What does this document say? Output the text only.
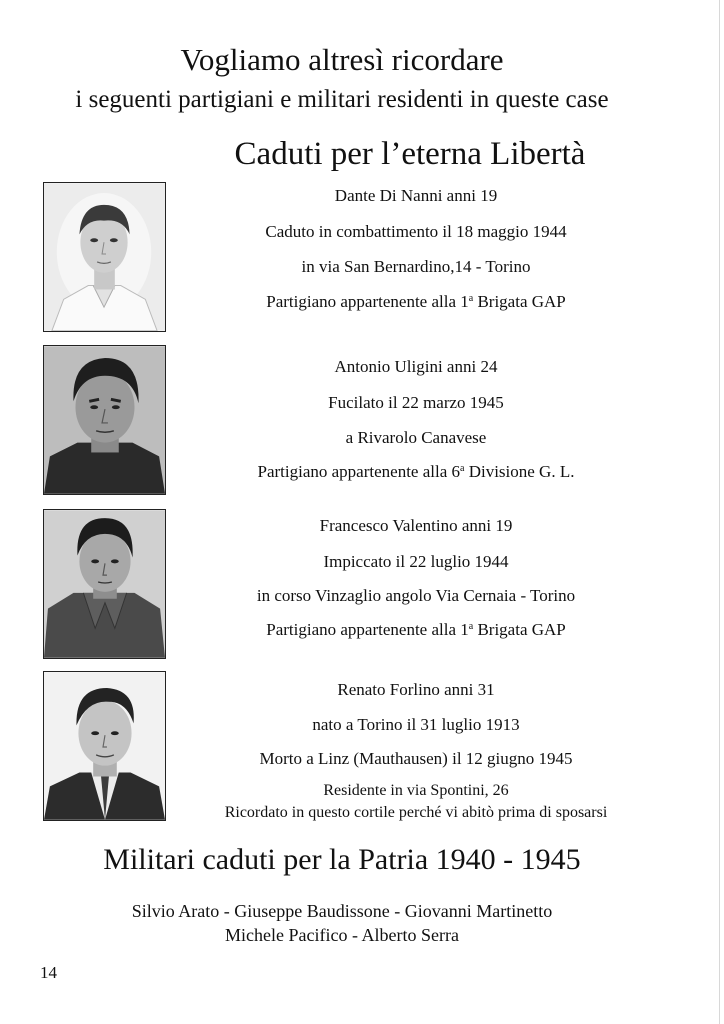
Vogliamo altresì ricordare
i seguenti partigiani e militari residenti in queste case
Caduti per l’eterna Libertà
Dante Di Nanni anni 19
Caduto in combattimento il 18 maggio 1944
in via San Bernardino,14 - Torino
Partigiano appartenente alla 1$^a$ Brigata GAP
Antonio Uligini anni 24
Fucilato il 22 marzo 1945
a Rivarolo Canavese
Partigiano appartenente alla 6$^a$ Divisione G. L.
Francesco Valentino anni 19
Impiccato il 22 luglio 1944
in corso Vinzaglio angolo Via Cernaia - Torino
Partigiano appartenente alla 1$^a$ Brigata GAP
Renato Forlino anni 31
nato a Torino il 31 luglio 1913
Morto a Linz (Mauthausen) il 12 giugno 1945
Residente in via Spontini, 26
Ricordato in questo cortile perché vi abitò prima di sposarsi
Militari caduti per la Patria 1940 - 1945
Silvio Arato - Giuseppe Baudissone - Giovanni Martinetto
Michele Pacifico - Alberto Serra
14
